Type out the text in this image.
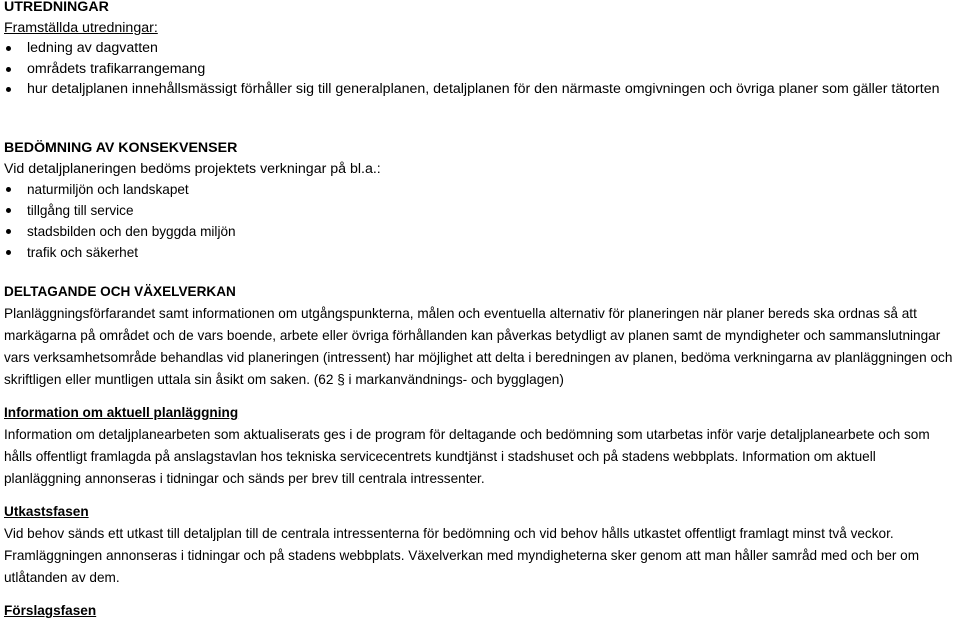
UTREDNINGAR
Framställda utredningar:
ledning av dagvatten
områdets trafikarrangemang
hur detaljplanen innehållsmässigt förhåller sig till generalplanen, detaljplanen för den närmaste omgivningen och övriga planer som gäller tätorten
BEDÖMNING AV KONSEKVENSER
Vid detaljplaneringen bedöms projektets verkningar på bl.a.:
naturmiljön och landskapet
tillgång till service
stadsbilden och den byggda miljön
trafik och säkerhet
DELTAGANDE OCH VÄXELVERKAN
Planläggningsförfarandet samt informationen om utgångspunkterna, målen och eventuella alternativ för planeringen när planer bereds ska ordnas så att markägarna på området och de vars boende, arbete eller övriga förhållanden kan påverkas betydligt av planen samt de myndigheter och sammanslutningar vars verksamhetsområde behandlas vid planeringen (intressent) har möjlighet att delta i beredningen av planen, bedöma verkningarna av planläggningen och skriftligen eller muntligen uttala sin åsikt om saken. (62 § i markanvändnings- och bygglagen)
Information om aktuell planläggning
Information om detaljplanearbeten som aktualiserats ges i de program för deltagande och bedömning som utarbetas inför varje detaljplanearbete och som hålls offentligt framlagda på anslagstavlan hos tekniska servicecentrets kundtjänst i stadshuset och på stadens webbplats. Information om aktuell planläggning annonseras i tidningar och sänds per brev till centrala intressenter.
Utkastsfasen
Vid behov sänds ett utkast till detaljplan till de centrala intressenterna för bedömning och vid behov hålls utkastet offentligt framlagt minst två veckor. Framläggningen annonseras i tidningar och på stadens webbplats. Växelverkan med myndigheterna sker genom att man håller samråd med och ber om utlåtanden av dem.
Förslagsfasen
